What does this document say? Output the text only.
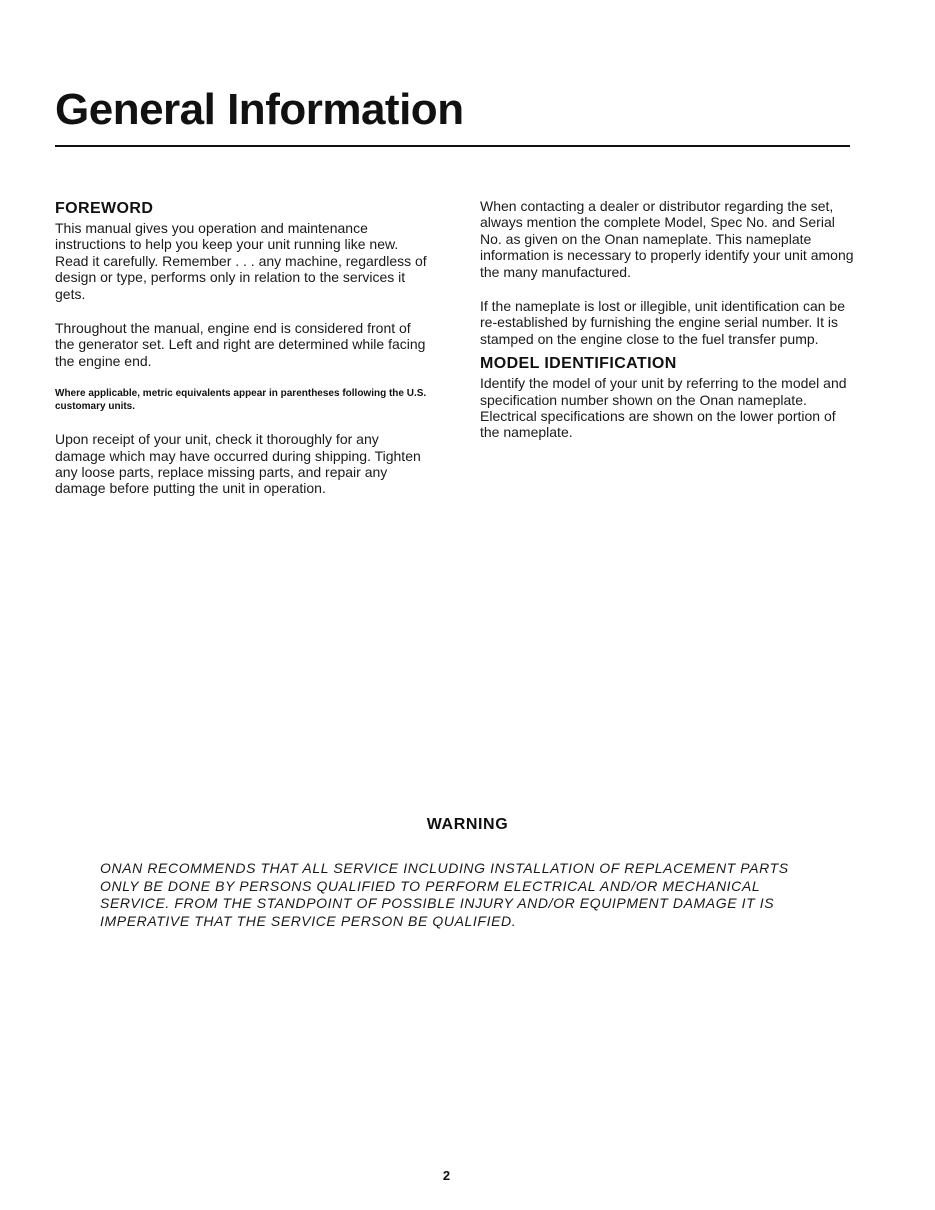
General Information
FOREWORD

This manual gives you operation and maintenance instructions to help you keep your unit running like new. Read it carefully. Remember . . . any machine, regardless of design or type, performs only in relation to the services it gets.

Throughout the manual, engine end is considered front of the generator set. Left and right are determined while facing the engine end.

Where applicable, metric equivalents appear in parentheses following the U.S. customary units.

Upon receipt of your unit, check it thoroughly for any damage which may have occurred during shipping. Tighten any loose parts, replace missing parts, and repair any damage before putting the unit in operation.

When contacting a dealer or distributor regarding the set, always mention the complete Model, Spec No. and Serial No. as given on the Onan nameplate. This nameplate information is necessary to properly identify your unit among the many manufactured.

If the nameplate is lost or illegible, unit identification can be re-established by furnishing the engine serial number. It is stamped on the engine close to the fuel transfer pump.

MODEL IDENTIFICATION

Identify the model of your unit by referring to the model and specification number shown on the Onan nameplate. Electrical specifications are shown on the lower portion of the nameplate.

WARNING

ONAN RECOMMENDS THAT ALL SERVICE INCLUDING INSTALLATION OF REPLACEMENT PARTS ONLY BE DONE BY PERSONS QUALIFIED TO PERFORM ELECTRICAL AND/OR MECHANICAL SERVICE. FROM THE STANDPOINT OF POSSIBLE INJURY AND/OR EQUIPMENT DAMAGE IT IS IMPERATIVE THAT THE SERVICE PERSON BE QUALIFIED.

2
